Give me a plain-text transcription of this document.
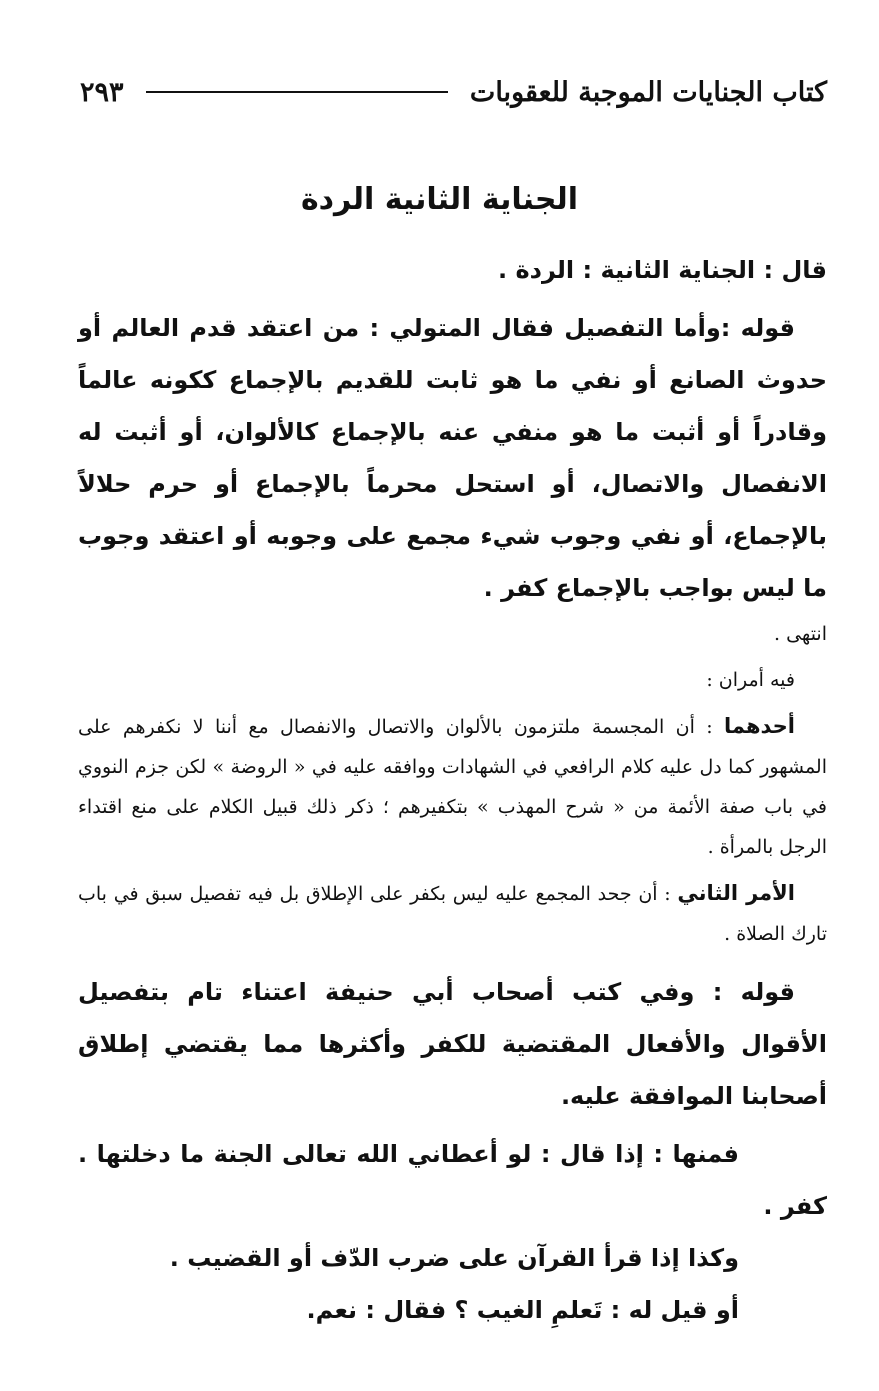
كتاب الجنايات الموجبة للعقوبات
٢٩٣
الجناية الثانية الردة

قال : الجناية الثانية : الردة .

قوله :وأما التفصيل فقال المتولي : من اعتقد قدم العالم أو حدوث الصانع أو نفي ما هو ثابت للقديم بالإجماع ككونه عالماً وقادراً أو أثبت ما هو منفي عنه بالإجماع كالألوان، أو أثبت له الانفصال والاتصال، أو استحل محرماً بالإجماع أو حرم حلالاً بالإجماع، أو نفي وجوب شيء مجمع على وجوبه أو اعتقد وجوب ما ليس بواجب بالإجماع كفر .

انتهى .

فيه أمران :

أحدهما : أن المجسمة ملتزمون بالألوان والاتصال والانفصال مع أننا لا نكفرهم على المشهور كما دل عليه كلام الرافعي في الشهادات ووافقه عليه في « الروضة » لكن جزم النووي في باب صفة الأئمة من « شرح المهذب » بتكفيرهم ؛ ذكر ذلك قبيل الكلام على منع اقتداء الرجل بالمرأة .

الأمر الثاني : أن جحد المجمع عليه ليس بكفر على الإطلاق بل فيه تفصيل سبق في باب تارك الصلاة .

قوله : وفي كتب أصحاب أبي حنيفة اعتناء تام بتفصيل الأقوال والأفعال المقتضية للكفر وأكثرها مما يقتضي إطلاق أصحابنا الموافقة عليه.

فمنها : إذا قال : لو أعطاني الله تعالى الجنة ما دخلتها . كفر .

وكذا إذا قرأ القرآن على ضرب الدّف أو القضيب .

أو قيل له : تَعلمِ الغيب ؟ فقال : نعم.
